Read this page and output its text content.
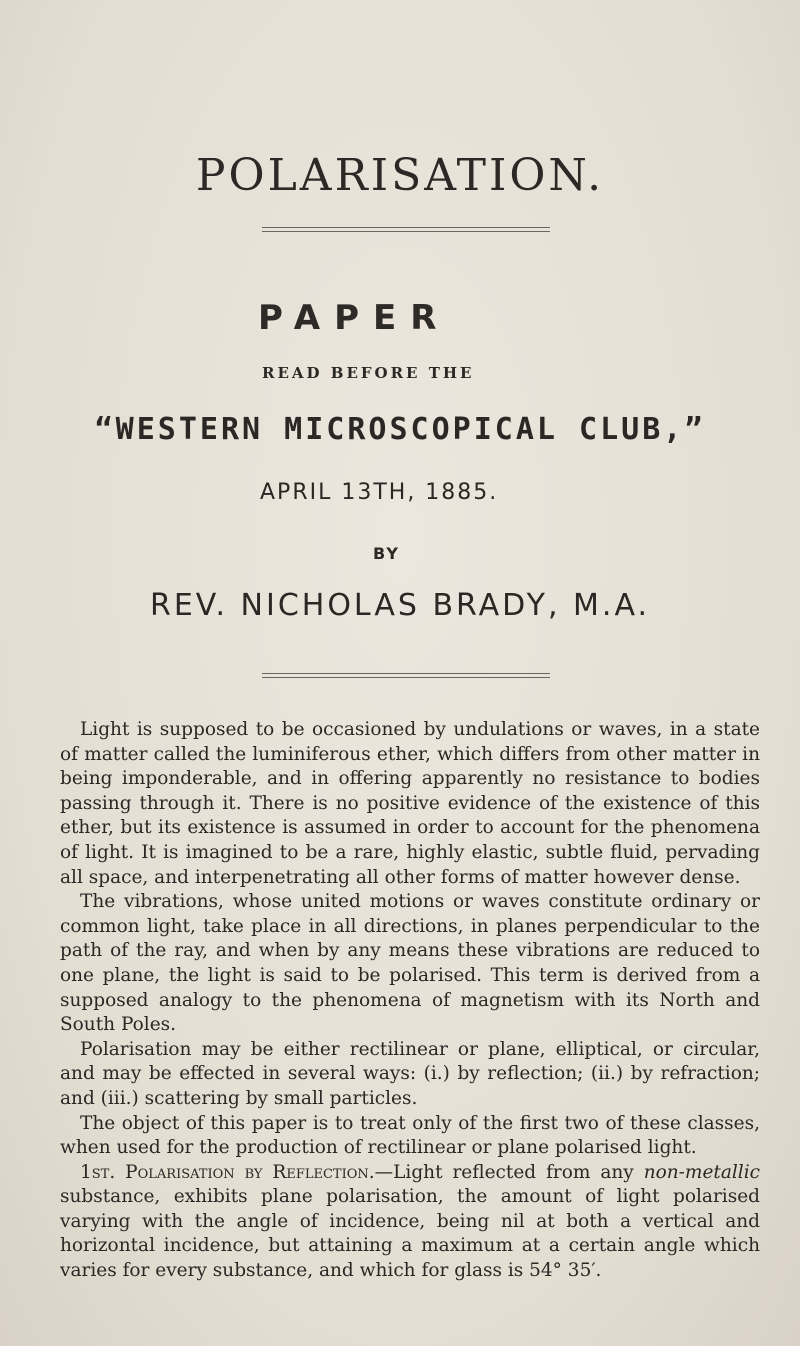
POLARISATION.
PAPER
READ BEFORE THE
“WESTERN MICROSCOPICAL CLUB,”
APRIL 13TH, 1885.
BY
REV. NICHOLAS BRADY, M.A.

Light is supposed to be occasioned by undulations or waves, in a state of matter called the luminiferous ether, which differs from other matter in being imponderable, and in offering apparently no resistance to bodies passing through it. There is no positive evidence of the existence of this ether, but its existence is assumed in order to account for the phenomena of light. It is imagined to be a rare, highly elastic, subtle fluid, pervading all space, and interpenetrating all other forms of matter however dense.

The vibrations, whose united motions or waves constitute ordinary or common light, take place in all directions, in planes perpendicular to the path of the ray, and when by any means these vibrations are reduced to one plane, the light is said to be polarised. This term is derived from a supposed analogy to the phenomena of magnetism with its North and South Poles.

Polarisation may be either rectilinear or plane, elliptical, or circular, and may be effected in several ways: (i.) by reflection; (ii.) by refraction; and (iii.) scattering by small particles.

The object of this paper is to treat only of the first two of these classes, when used for the production of rectilinear or plane polarised light.

1st. Polarisation by Reflection.—Light reflected from any non-metallic substance, exhibits plane polarisation, the amount of light polarised varying with the angle of incidence, being nil at both a vertical and horizontal incidence, but attaining a maximum at a certain angle which varies for every substance, and which for glass is 54° 35′.
